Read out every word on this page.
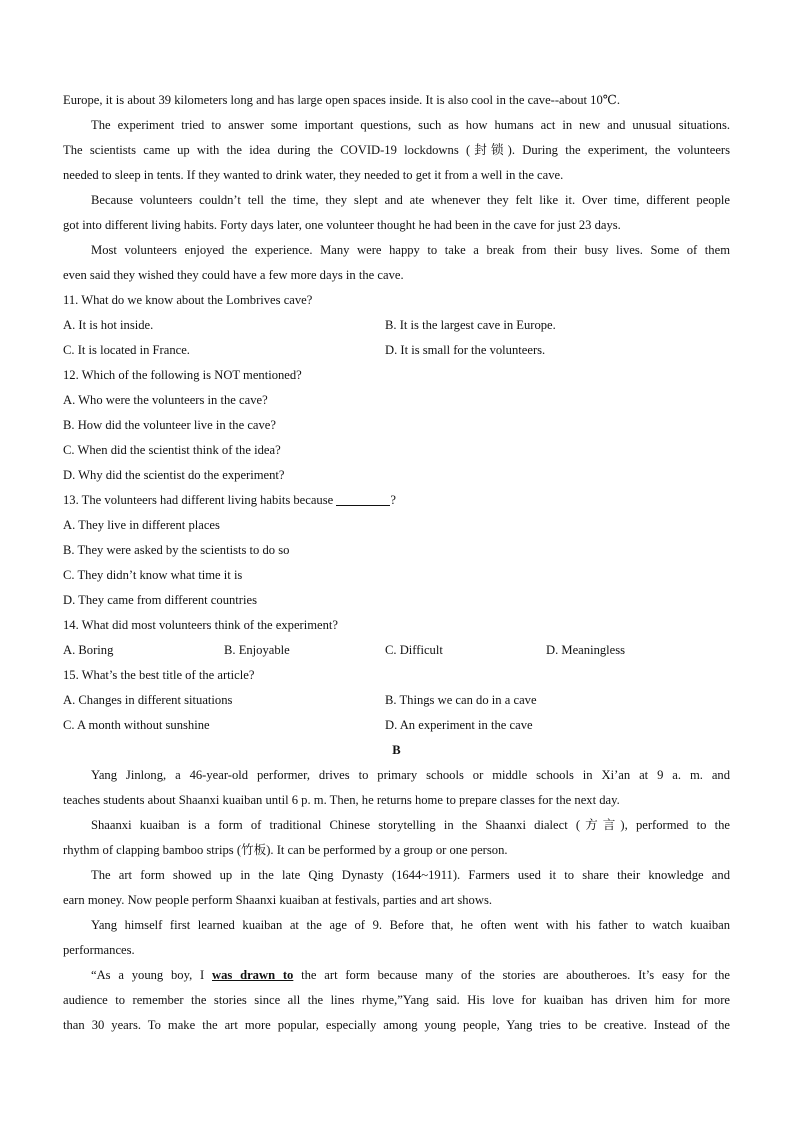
Europe, it is about 39 kilometers long and has large open spaces inside. It is also cool in the cave--about 10℃.
The experiment tried to answer some important questions, such as how humans act in new and unusual situations.
The scientists came up with the idea during the COVID-19 lockdowns (封锁). During the experiment, the volunteers
needed to sleep in tents. If they wanted to drink water, they needed to get it from a well in the cave.
Because volunteers couldn’t tell the time, they slept and ate whenever they felt like it. Over time, different people
got into different living habits. Forty days later, one volunteer thought he had been in the cave for just 23 days.
Most volunteers enjoyed the experience. Many were happy to take a break from their busy lives. Some of them
even said they wished they could have a few more days in the cave.
11. What do we know about the Lombrives cave?
A. It is hot inside.	B. It is the largest cave in Europe.
C. It is located in France.	D. It is small for the volunteers.
12. Which of the following is NOT mentioned?
A. Who were the volunteers in the cave?
B. How did the volunteer live in the cave?
C. When did the scientist think of the idea?
D. Why did the scientist do the experiment?
13. The volunteers had different living habits because	?
A. They live in different places
B. They were asked by the scientists to do so
C. They didn’t know what time it is
D. They came from different countries
14. What did most volunteers think of the experiment?
A. Boring	B. Enjoyable	C. Difficult	D. Meaningless
15. What’s the best title of the article?
A. Changes in different situations	B. Things we can do in a cave
C. A month without sunshine	D. An experiment in the cave
B
Yang Jinlong, a 46-year-old performer, drives to primary schools or middle schools in Xi’an at 9 a. m. and
teaches students about Shaanxi kuaiban until 6 p. m. Then, he returns home to prepare classes for the next day.
Shaanxi kuaiban is a form of traditional Chinese storytelling in the Shaanxi dialect (方言), performed to the
rhythm of clapping bamboo strips (竹板). It can be performed by a group or one person.
The art form showed up in the late Qing Dynasty (1644~1911). Farmers used it to share their knowledge and
earn money. Now people perform Shaanxi kuaiban at festivals, parties and art shows.
Yang himself first learned kuaiban at the age of 9. Before that, he often went with his father to watch kuaiban
performances.
“As a young boy, I was drawn to the art form because many of the stories are aboutheroes. It’s easy for the
audience to remember the stories since all the lines rhyme,”Yang said. His love for kuaiban has driven him for more
than 30 years. To make the art more popular, especially among young people, Yang tries to be creative. Instead of the
